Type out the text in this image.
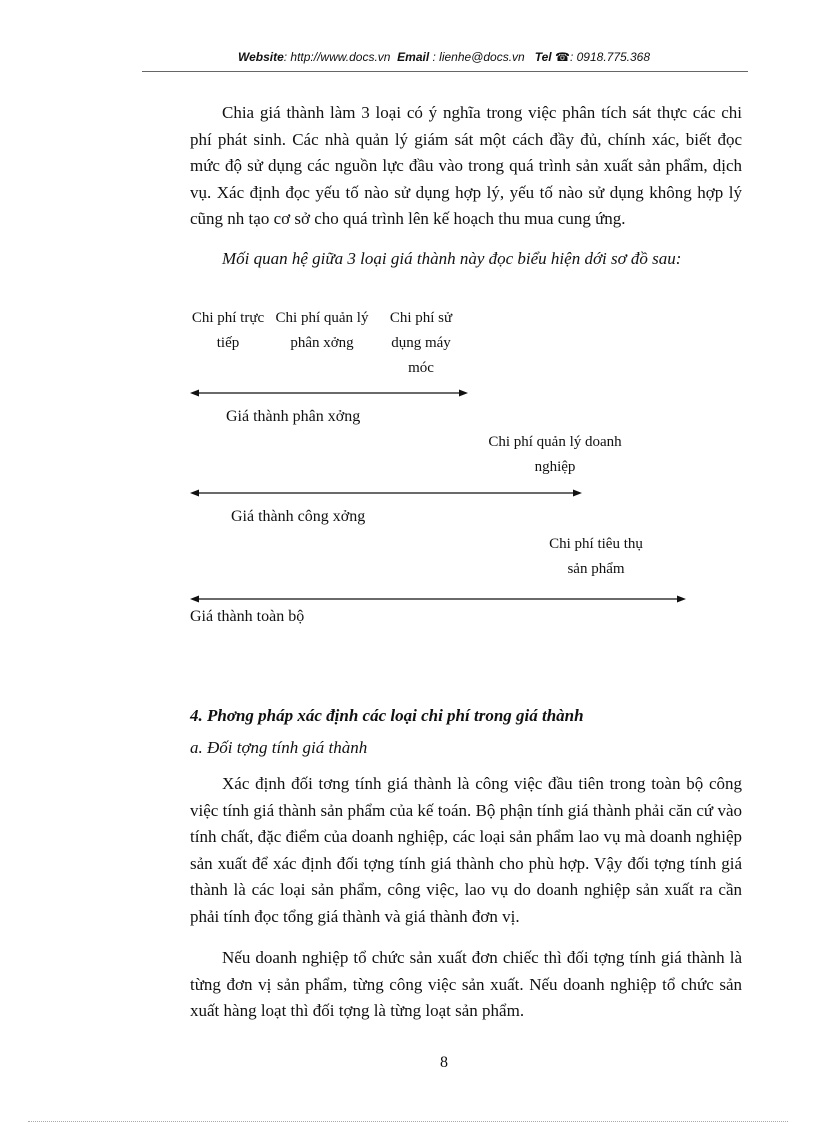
Website: http://www.docs.vn Email : lienhe@docs.vn Tel ☎: 0918.775.368

Chia giá thành làm 3 loại có ý nghĩa trong việc phân tích sát thực các chi phí phát sinh. Các nhà quản lý giám sát một cách đầy đủ, chính xác, biết đọc mức độ sử dụng các nguồn lực đầu vào trong quá trình sản xuất sản phẩm, dịch vụ. Xác định đọc yếu tố nào sử dụng hợp lý, yếu tố nào sử dụng không hợp lý cũng nh tạo cơ sở cho quá trình lên kế hoạch thu mua cung ứng.

Mối quan hệ giữa 3 loại giá thành này đọc biểu hiện dới sơ đồ sau:
Chi phí trực tiếp
Chi phí quản lý phân xởng
Chi phí sử dụng máy móc
Giá thành phân xởng
Chi phí quản lý doanh nghiệp
Giá thành công xởng
Chi phí tiêu thụ sản phẩm
Giá thành toàn bộ
4. Phơng pháp xác định các loại chi phí trong giá thành
a. Đối tợng tính giá thành

Xác định đối tơng tính giá thành là công việc đầu tiên trong toàn bộ công việc tính giá thành sản phẩm của kế toán. Bộ phận tính giá thành phải căn cứ vào tính chất, đặc điểm của doanh nghiệp, các loại sản phẩm lao vụ mà doanh nghiệp sản xuất để xác định đối tợng tính giá thành cho phù hợp. Vậy đối tợng tính giá thành là các loại sản phẩm, công việc, lao vụ do doanh nghiệp sản xuất ra cần phải tính đọc tổng giá thành và giá thành đơn vị.

Nếu doanh nghiệp tổ chức sản xuất đơn chiếc thì đối tợng tính giá thành là từng đơn vị sản phẩm, từng công việc sản xuất. Nếu doanh nghiệp tổ chức sản xuất hàng loạt thì đối tợng là từng loạt sản phẩm.

8
